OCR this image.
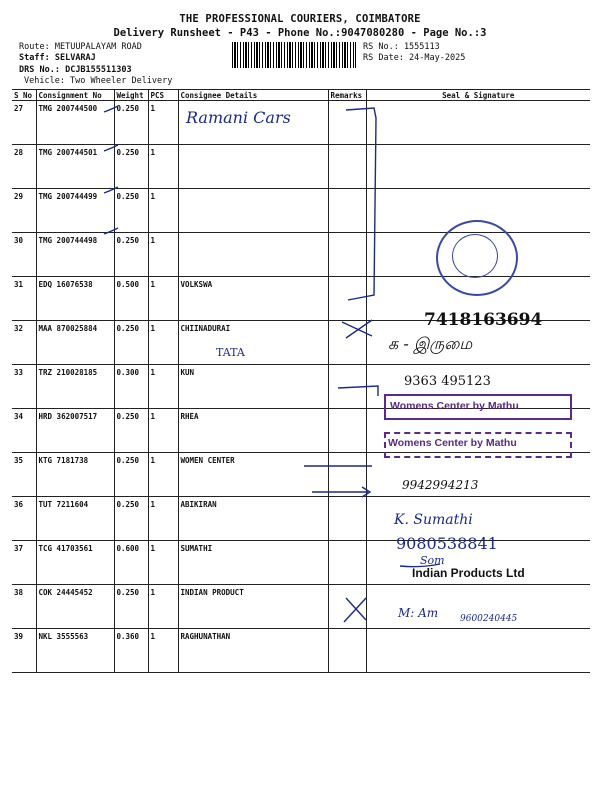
THE PROFESSIONAL COURIERS, COIMBATORE
Delivery Runsheet - P43 - Phone No.:9047080280 - Page No.:3
Route: METUUPALAYAM ROAD
Staff: SELVARAJ
DRS No.: DCJB155511303
Vehicle: Two Wheeler Delivery
RS No.: 1555113
RS Date: 24-May-2025
S No	Consignment No	Weight	PCS	Consignee Details	Remarks	Seal & Signature
27	TMG 200744500	0.250	1			
28	TMG 200744501	0.250	1			
29	TMG 200744499	0.250	1			
30	TMG 200744498	0.250	1			
31	EDQ 16076538	0.500	1	VOLKSWA		
32	MAA 870025884	0.250	1	CHIINADURAI		
33	TRZ 210028185	0.300	1	KUN		
34	HRD 362007517	0.250	1	RHEA		
35	KTG 7181738	0.250	1	WOMEN CENTER		
36	TUT 7211604	0.250	1	ABIKIRAN		
37	TCG 41703561	0.600	1	SUMATHI		
38	COK 24445452	0.250	1	INDIAN PRODUCT		
39	NKL 3555563	0.360	1	RAGHUNATHAN		
Ramani Cars
TATA
7418163694
க - இருமை
9363 495123
Womens Center by Mathu
Womens Center by Mathu
9942994213
K. Sumathi
9080538841
Som
Indian Products Ltd
M: Am 9600240445
